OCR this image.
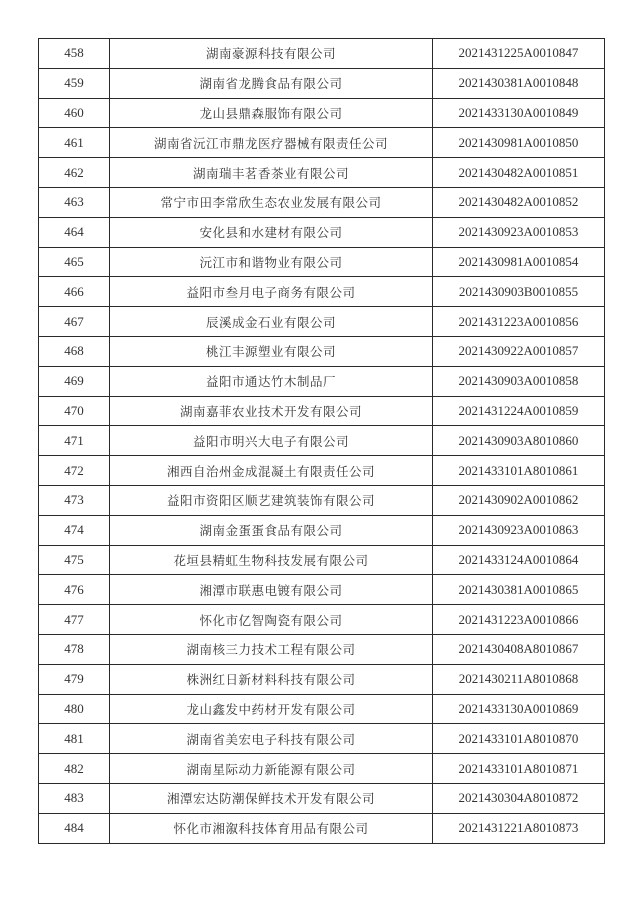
458	湖南豪源科技有限公司	2021431225A0010847
459	湖南省龙腾食品有限公司	2021430381A0010848
460	龙山县鼎森服饰有限公司	2021433130A0010849
461	湖南省沅江市鼎龙医疗器械有限责任公司	2021430981A0010850
462	湖南瑞丰茗香茶业有限公司	2021430482A0010851
463	常宁市田李常欣生态农业发展有限公司	2021430482A0010852
464	安化县和水建材有限公司	2021430923A0010853
465	沅江市和谐物业有限公司	2021430981A0010854
466	益阳市叁月电子商务有限公司	2021430903B0010855
467	辰溪成金石业有限公司	2021431223A0010856
468	桃江丰源塑业有限公司	2021430922A0010857
469	益阳市通达竹木制品厂	2021430903A0010858
470	湖南嘉菲农业技术开发有限公司	2021431224A0010859
471	益阳市明兴大电子有限公司	2021430903A8010860
472	湘西自治州金成混凝土有限责任公司	2021433101A8010861
473	益阳市资阳区顺艺建筑装饰有限公司	2021430902A0010862
474	湖南金蛋蛋食品有限公司	2021430923A0010863
475	花垣县精虹生物科技发展有限公司	2021433124A0010864
476	湘潭市联惠电镀有限公司	2021430381A0010865
477	怀化市亿智陶瓷有限公司	2021431223A0010866
478	湖南核三力技术工程有限公司	2021430408A8010867
479	株洲红日新材料科技有限公司	2021430211A8010868
480	龙山鑫发中药材开发有限公司	2021433130A0010869
481	湖南省美宏电子科技有限公司	2021433101A8010870
482	湖南星际动力新能源有限公司	2021433101A8010871
483	湘潭宏达防潮保鲜技术开发有限公司	2021430304A8010872
484	怀化市湘溆科技体育用品有限公司	2021431221A8010873
